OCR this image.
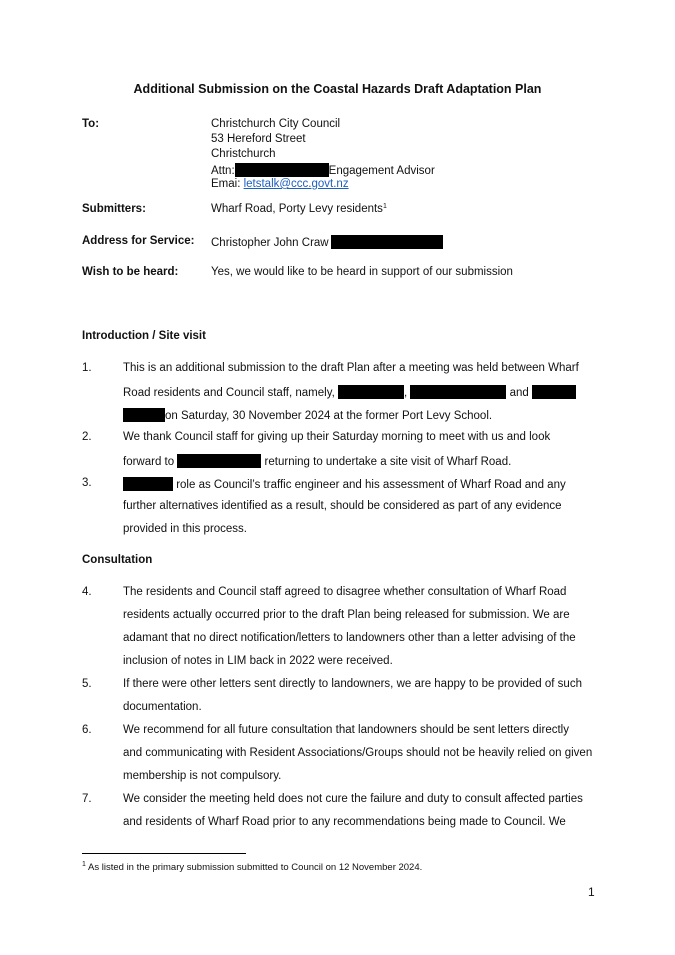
Additional Submission on the Coastal Hazards Draft Adaptation Plan
To:	Christchurch City Council
53 Hereford Street
Christchurch
Attn:	Engagement Advisor
Emai: letstalk@ccc.govt.nz
Submitters:	Wharf Road, Porty Levy residents$^1$
Address for Service: Christopher John Craw
Wish to be heard:	Yes, we would like to be heard in support of our submission
Introduction / Site visit
1.	This is an additional submission to the draft Plan after a meeting was held between Wharf
Road residents and Council staff, namely,	,	and
on Saturday, 30 November 2024 at the former Port Levy School.
2.	We thank Council staff for giving up their Saturday morning to meet with us and look
forward to	returning to undertake a site visit of Wharf Road.
3.	role as Council’s traffic engineer and his assessment of Wharf Road and any
further alternatives identified as a result, should be considered as part of any evidence
provided in this process.
Consultation
4.	The residents and Council staff agreed to disagree whether consultation of Wharf Road
residents actually occurred prior to the draft Plan being released for submission. We are
adamant that no direct notification/letters to landowners other than a letter advising of the
inclusion of notes in LIM back in 2022 were received.
5.	If there were other letters sent directly to landowners, we are happy to be provided of such
documentation.
6.	We recommend for all future consultation that landowners should be sent letters directly
and communicating with Resident Associations/Groups should not be heavily relied on given
membership is not compulsory.
7.	We consider the meeting held does not cure the failure and duty to consult affected parties
and residents of Wharf Road prior to any recommendations being made to Council. We
$^1$ As listed in the primary submission submitted to Council on 12 November 2024.
1
